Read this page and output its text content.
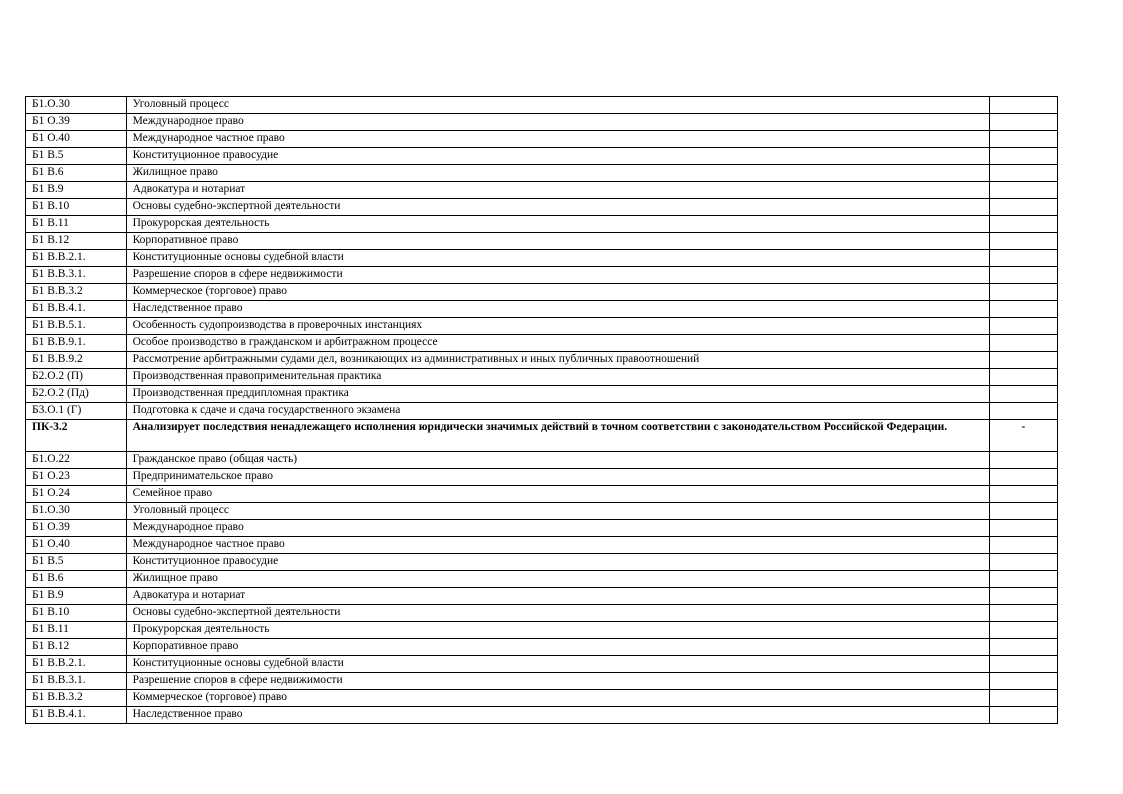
Б1.О.30	Уголовный процесс	
Б1 О.39	Международное право	
Б1 О.40	Международное частное право	
Б1 В.5	Конституционное правосудие	
Б1 В.6	Жилищное право	
Б1 В.9	Адвокатура и нотариат	
Б1 В.10	Основы судебно-экспертной деятельности	
Б1 В.11	Прокурорская деятельность	
Б1 В.12	Корпоративное право	
Б1 В.В.2.1.	Конституционные основы судебной власти	
Б1 В.В.3.1.	Разрешение споров в сфере недвижимости	
Б1 В.В.3.2	Коммерческое (торговое) право	
Б1 В.В.4.1.	Наследственное право	
Б1 В.В.5.1.	Особенность судопроизводства в проверочных инстанциях	
Б1 В.В.9.1.	Особое производство в гражданском и арбитражном процессе	
Б1 В.В.9.2	Рассмотрение арбитражными судами дел, возникающих из административных и иных публичных правоотношений	
Б2.О.2 (П)	Производственная правоприменительная практика	
Б2.О.2 (Пд)	Производственная преддипломная практика	
Б3.О.1 (Г)	Подготовка к сдаче и сдача государственного экзамена	
ПК-3.2	Анализирует последствия ненадлежащего исполнения юридически значимых действий в точном соответствии с законодательством Российской Федерации.	-
Б1.О.22	Гражданское право (общая часть)	
Б1 О.23	Предпринимательское право	
Б1 О.24	Семейное право	
Б1.О.30	Уголовный процесс	
Б1 О.39	Международное право	
Б1 О.40	Международное частное право	
Б1 В.5	Конституционное правосудие	
Б1 В.6	Жилищное право	
Б1 В.9	Адвокатура и нотариат	
Б1 В.10	Основы судебно-экспертной деятельности	
Б1 В.11	Прокурорская деятельность	
Б1 В.12	Корпоративное право	
Б1 В.В.2.1.	Конституционные основы судебной власти	
Б1 В.В.3.1.	Разрешение споров в сфере недвижимости	
Б1 В.В.3.2	Коммерческое (торговое) право	
Б1 В.В.4.1.	Наследственное право	
